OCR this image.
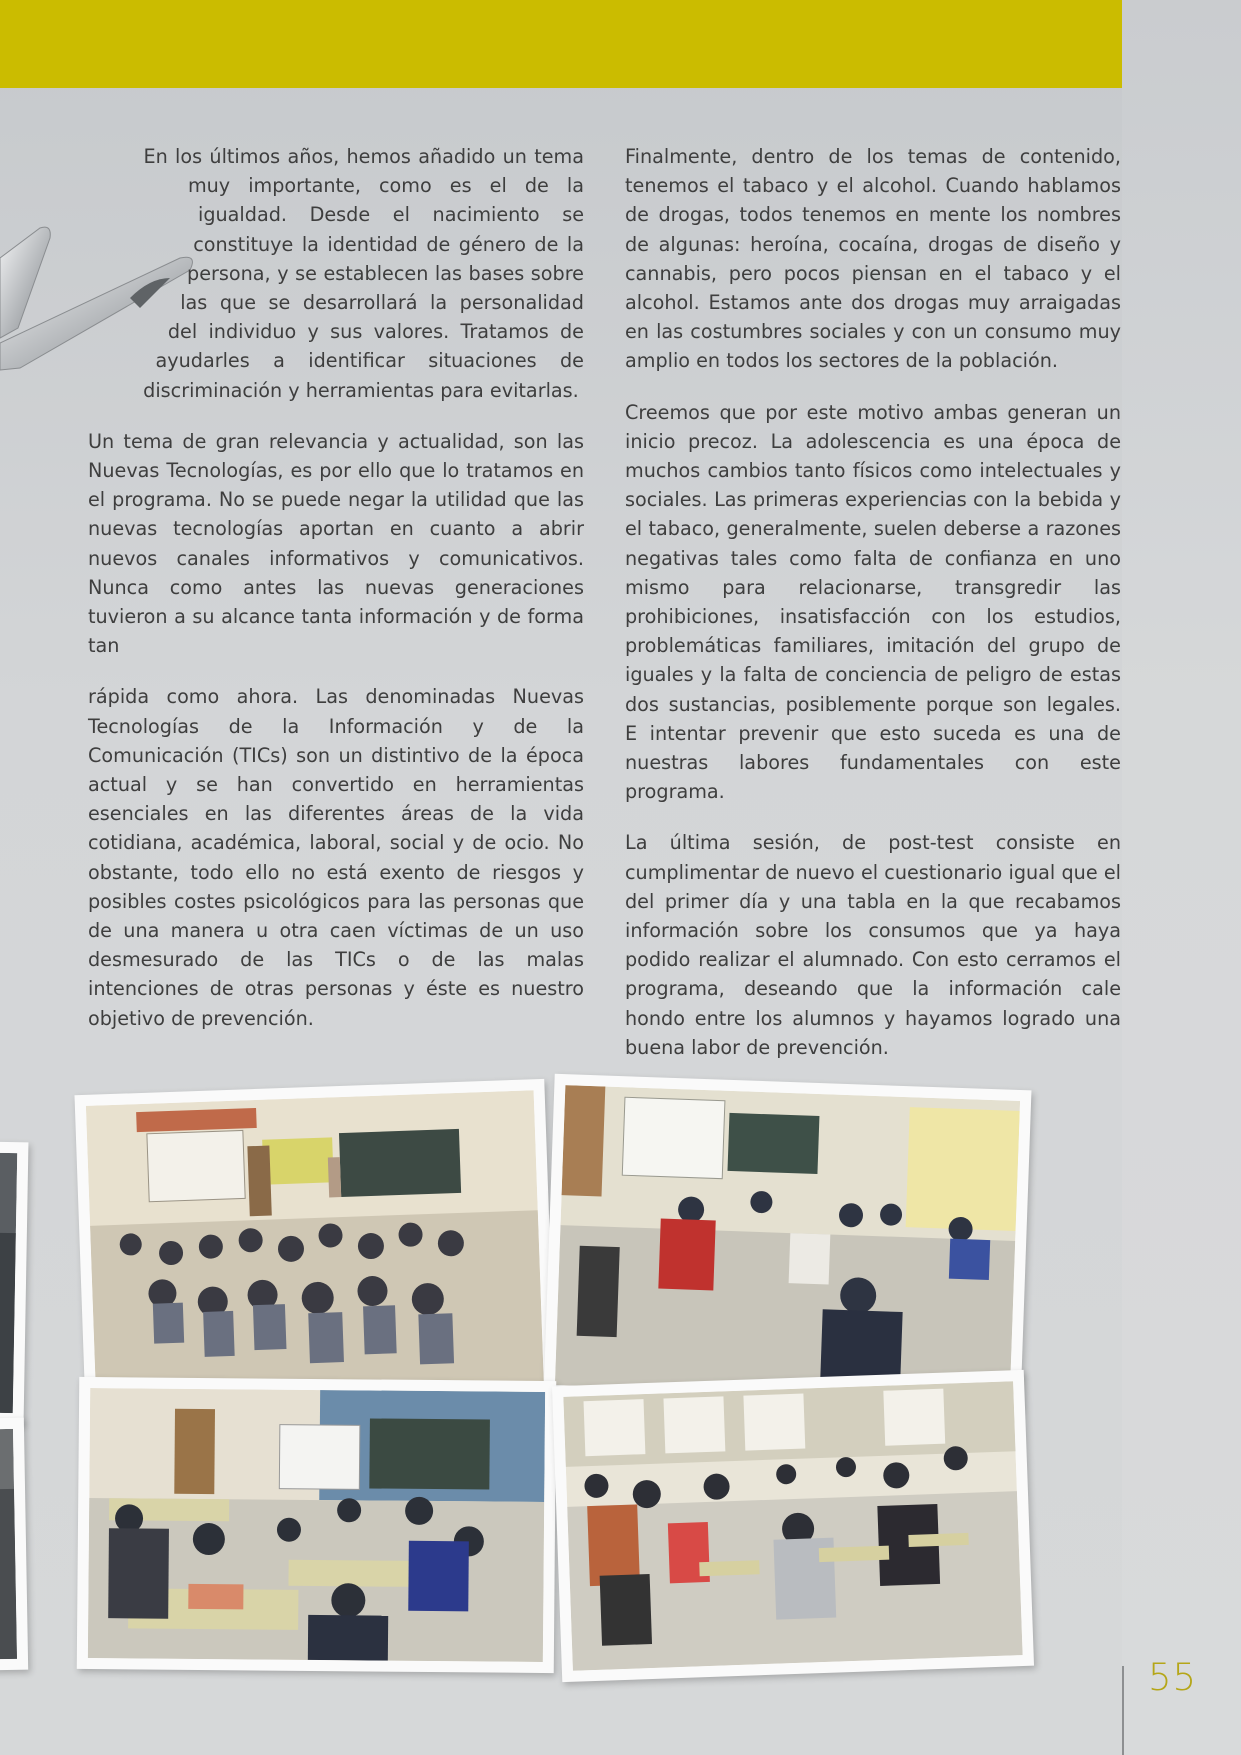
En los últimos años, hemos añadido un tema muy importante, como es el de la igualdad. Desde el nacimiento se constituye la identidad de género de la persona, y se establecen las bases sobre las que se desarrollará la personalidad del individuo y sus valores. Tratamos de ayudarles a identificar situaciones de discriminación y herramientas para evitarlas.

Un tema de gran relevancia y actualidad, son las Nuevas Tecnologías, es por ello que lo tratamos en el programa. No se puede negar la utilidad que las nuevas tecnologías aportan en cuanto a abrir nuevos canales informativos y comunicativos. Nunca como antes las nuevas generaciones tuvieron a su alcance tanta información y de forma tan

rápida como ahora. Las denominadas Nuevas Tecnologías de la Información y de la Comunicación (TICs) son un distintivo de la época actual y se han convertido en herramientas esenciales en las diferentes áreas de la vida cotidiana, académica, laboral, social y de ocio. No obstante, todo ello no está exento de riesgos y posibles costes psicológicos para las personas que de una manera u otra caen víctimas de un uso desmesurado de las TICs o de las malas intenciones de otras personas y éste es nuestro objetivo de prevención.

Finalmente, dentro de los temas de contenido, tenemos el tabaco y el alcohol. Cuando hablamos de drogas, todos tenemos en mente los nombres de algunas: heroína, cocaína, drogas de diseño y cannabis, pero pocos piensan en el tabaco y el alcohol. Estamos ante dos drogas muy arraigadas en las costumbres sociales y con un consumo muy amplio en todos los sectores de la población.

Creemos que por este motivo ambas generan un inicio precoz. La adolescencia es una época de muchos cambios tanto físicos como intelectuales y sociales. Las primeras experiencias con la bebida y el tabaco, generalmente, suelen deberse a razones negativas tales como falta de confianza en uno mismo para relacionarse, transgredir las prohibiciones, insatisfacción con los estudios, problemáticas familiares, imitación del grupo de iguales y la falta de conciencia de peligro de estas dos sustancias, posiblemente porque son legales. E intentar prevenir que esto suceda es una de nuestras labores fundamentales con este programa.

La última sesión, de post-test consiste en cumplimentar de nuevo el cuestionario igual que el del primer día y una tabla en la que recabamos información sobre los consumos que ya haya podido realizar el alumnado. Con esto cerramos el programa, deseando que la información cale hondo entre los alumnos y hayamos logrado una buena labor de prevención.

55
